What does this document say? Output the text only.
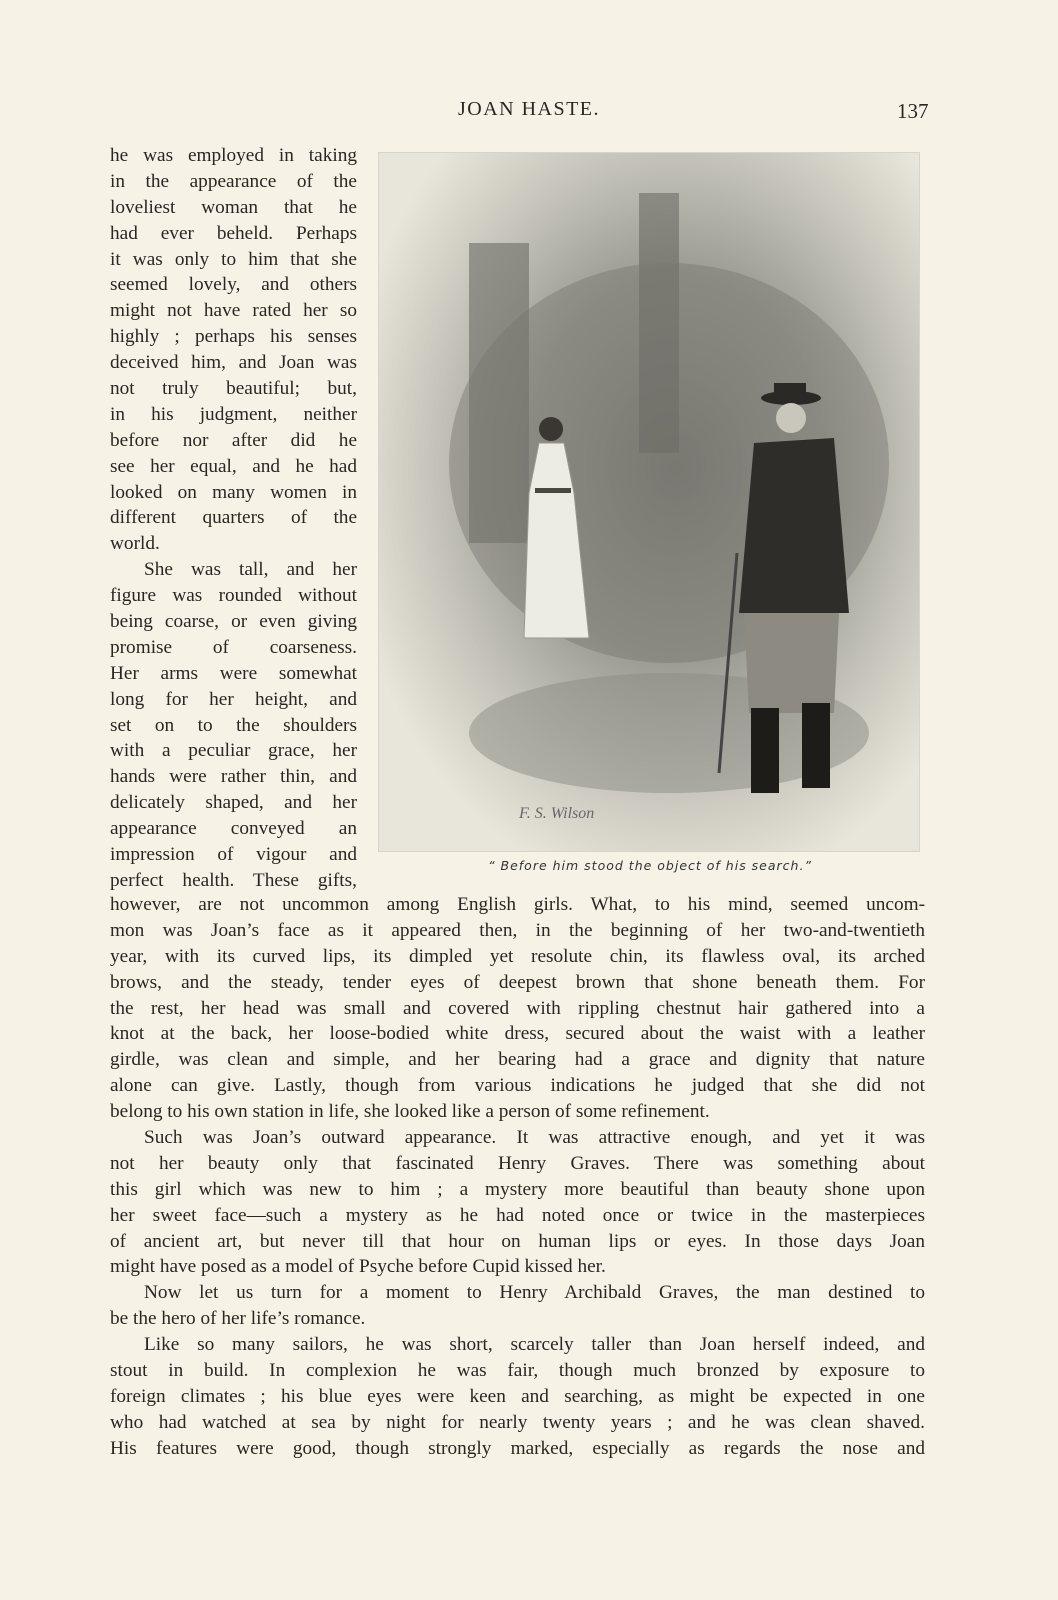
JOAN HASTE.	137
he was employed in taking
in the appearance of the
loveliest woman that he
had ever beheld. Perhaps
it was only to him that she
seemed lovely, and others
might not have rated her so
highly ; perhaps his senses
deceived him, and Joan was
not truly beautiful; but,
in his judgment, neither
before nor after did he
see her equal, and he had
looked on many women in
different quarters of the
world.
She was tall, and her
figure was rounded without
being coarse, or even giving
promise of coarseness.
Her arms were somewhat
long for her height, and
set on to the shoulders
with a peculiar grace, her
hands were rather thin, and
delicately shaped, and her
appearance conveyed an
impression of vigour and
perfect health. These gifts,
F. S. Wilson
“ Before him stood the object of his search.”
however, are not uncommon among English girls. What, to his mind, seemed uncom-
mon was Joan’s face as it appeared then, in the beginning of her two-and-twentieth
year, with its curved lips, its dimpled yet resolute chin, its flawless oval, its arched
brows, and the steady, tender eyes of deepest brown that shone beneath them. For
the rest, her head was small and covered with rippling chestnut hair gathered into a
knot at the back, her loose-bodied white dress, secured about the waist with a leather
girdle, was clean and simple, and her bearing had a grace and dignity that nature
alone can give. Lastly, though from various indications he judged that she did not
belong to his own station in life, she looked like a person of some refinement.
Such was Joan’s outward appearance. It was attractive enough, and yet it was
not her beauty only that fascinated Henry Graves. There was something about
this girl which was new to him ; a mystery more beautiful than beauty shone upon
her sweet face—such a mystery as he had noted once or twice in the masterpieces
of ancient art, but never till that hour on human lips or eyes. In those days Joan
might have posed as a model of Psyche before Cupid kissed her.
Now let us turn for a moment to Henry Archibald Graves, the man destined to
be the hero of her life’s romance.
Like so many sailors, he was short, scarcely taller than Joan herself indeed, and
stout in build. In complexion he was fair, though much bronzed by exposure to
foreign climates ; his blue eyes were keen and searching, as might be expected in one
who had watched at sea by night for nearly twenty years ; and he was clean shaved.
His features were good, though strongly marked, especially as regards the nose and
